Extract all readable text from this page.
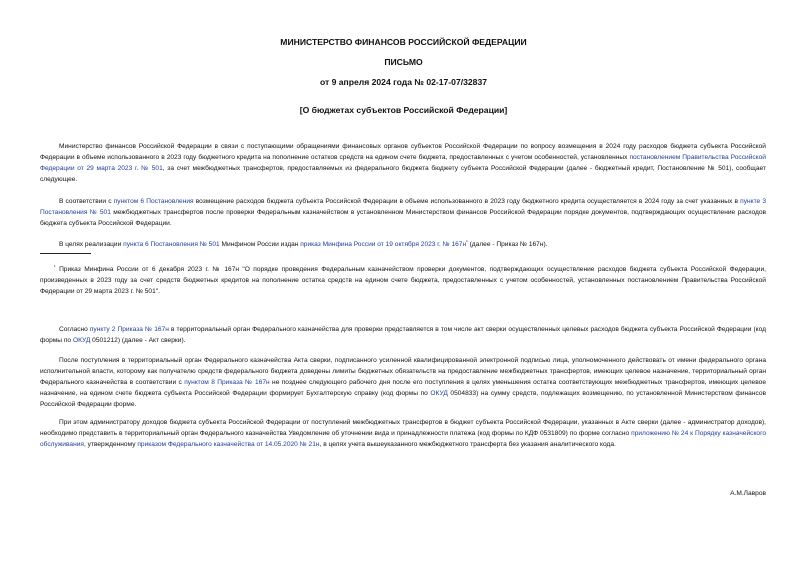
МИНИСТЕРСТВО ФИНАНСОВ РОССИЙСКОЙ ФЕДЕРАЦИИ
ПИСЬМО
от 9 апреля 2024 года № 02-17-07/32837
[О бюджетах субъектов Российской Федерации]
Министерство финансов Российской Федерации в связи с поступающими обращениями финансовых органов субъектов Российской Федерации по вопросу возмещения в 2024 году расходов бюджета субъекта Российской Федерации в объеме использованного в 2023 году бюджетного кредита на пополнение остатков средств на едином счете бюджета, предоставленных с учетом особенностей, установленных постановлением Правительства Российской Федерации от 29 марта 2023 г. № 501, за счет межбюджетных трансфертов, предоставляемых из федерального бюджета бюджету субъекта Российской Федерации (далее - бюджетный кредит, Постановление № 501), сообщает следующее.
В соответствии с пунктом 6 Постановления возмещение расходов бюджета субъекта Российской Федерации в объеме использованного в 2023 году бюджетного кредита осуществляется в 2024 году за счет указанных в пункте 3 Постановления № 501 межбюджетных трансфертов после проверки Федеральным казначейством в установленном Министерством финансов Российской Федерации порядке документов, подтверждающих осуществление расходов бюджета субъекта Российской Федерации.
В целях реализации пункта 6 Постановления № 501 Минфином России издан приказ Минфина России от 19 октября 2023 г. № $167н^{^1}$ (далее - Приказ № 167н).
$^{^1}$ Приказ Минфина России от 6 декабря 2023 г. № 167н "О порядке проведения Федеральным казначейством проверки документов, подтверждающих осуществление расходов бюджета субъекта Российской Федерации, произведенных в 2023 году за счет средств бюджетных кредитов на пополнение остатка средств на едином счете бюджета, предоставленных с учетом особенностей, установленных постановлением Правительства Российской Федерации от 29 марта 2023 г. № 501".
Согласно пункту 2 Приказа № 167н в территориальный орган Федерального казначейства для проверки представляется в том числе акт сверки осуществленных целевых расходов бюджета субъекта Российской Федерации (код формы по ОКУД 0501212) (далее - Акт сверки).
После поступления в территориальный орган Федерального казначейства Акта сверки, подписанного усиленной квалифицированной электронной подписью лица, уполномоченного действовать от имени федерального органа исполнительной власти, которому как получателю средств федерального бюджета доведены лимиты бюджетных обязательств на предоставление межбюджетных трансфертов, имеющих целевое назначение, территориальный орган Федерального казначейства в соответствии с пунктом 8 Приказа № 167н не позднее следующего рабочего дня после его поступления в целях уменьшения остатка соответствующих межбюджетных трансфертов, имеющих целевое назначение, на едином счете бюджета субъекта Российской Федерации формирует Бухгалтерскую справку (код формы по ОКУД 0504833) на сумму средств, подлежащих возмещению, по установленной Министерством финансов Российской Федерации форме.
При этом администратору доходов бюджета субъекта Российской Федерации от поступлений межбюджетных трансфертов в бюджет субъекта Российской Федерации, указанных в Акте сверки (далее - администратор доходов), необходимо представить в территориальный орган Федерального казначейства Уведомление об уточнении вида и принадлежности платежа (код формы по КДФ 0531809) по форме согласно приложению № 24 к Порядку казначейского обслуживания, утвержденному приказом Федерального казначейства от 14.05.2020 № 21н, в целях учета вышеуказанного межбюджетного трансферта без указания аналитического кода.
А.М.Лавров
